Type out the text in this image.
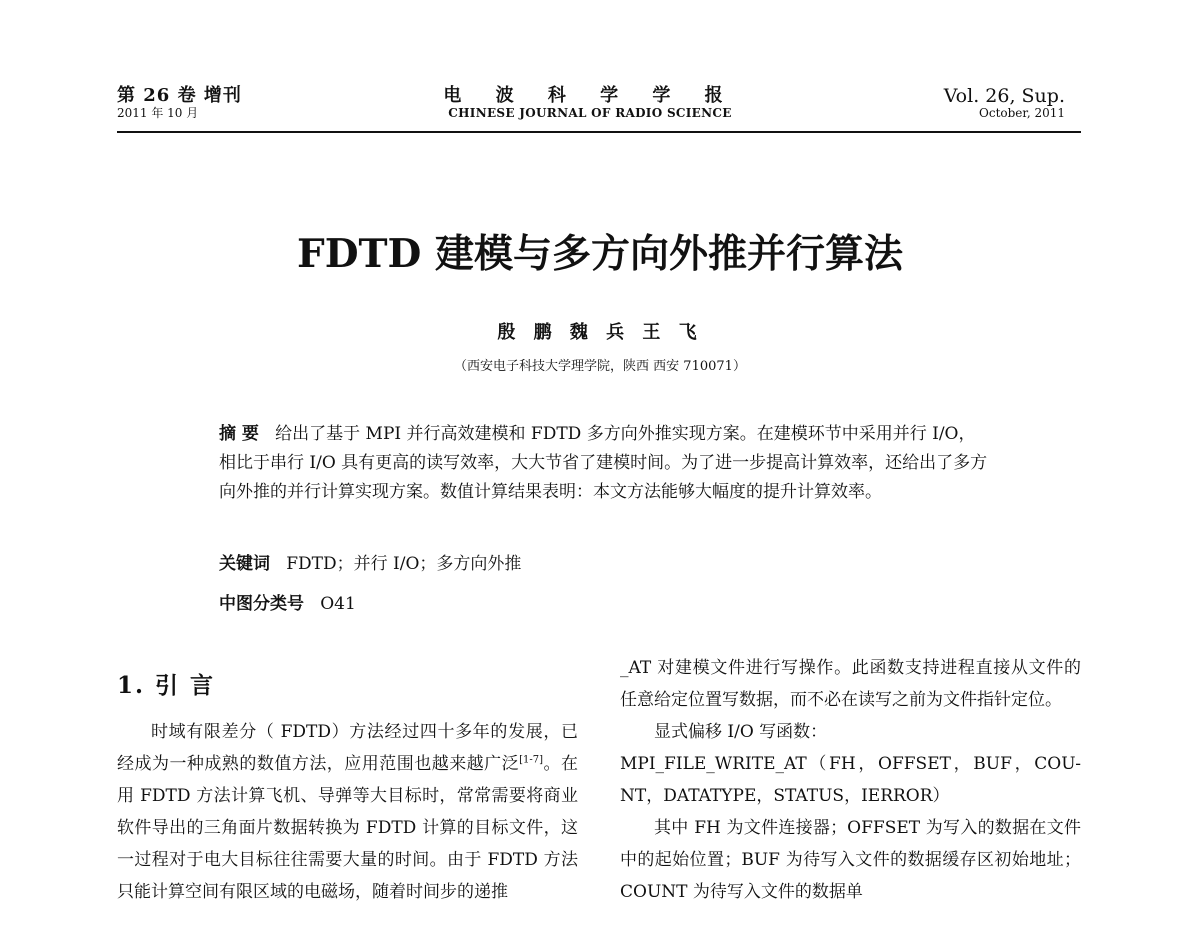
第 26 卷 增刊
2011 年 10 月
电 波 科 学 学 报
CHINESE JOURNAL OF RADIO SCIENCE
Vol. 26, Sup.
October, 2011
FDTD 建模与多方向外推并行算法
殷 鹏 魏 兵 王 飞
（西安电子科技大学理学院，陕西 西安 710071）
摘 要 给出了基于 MPI 并行高效建模和 FDTD 多方向外推实现方案。在建模环节中采用并行 I/O，相比于串行 I/O 具有更高的读写效率，大大节省了建模时间。为了进一步提高计算效率，还给出了多方向外推的并行计算实现方案。数值计算结果表明：本文方法能够大幅度的提升计算效率。
关键词 FDTD；并行 I/O；多方向外推
中图分类号 O41
1. 引 言

时域有限差分（ FDTD）方法经过四十多年的发展，已经成为一种成熟的数值方法，应用范围也越来越广泛[1-7]。在用 FDTD 方法计算飞机、导弹等大目标时，常常需要将商业软件导出的三角面片数据转换为 FDTD 计算的目标文件，这一过程对于电大目标往往需要大量的时间。由于 FDTD 方法只能计算空间有限区域的电磁场，随着时间步的递推

_AT 对建模文件进行写操作。此函数支持进程直接从文件的任意给定位置写数据，而不必在读写之前为文件指针定位。

显式偏移 I/O 写函数：

MPI_FILE_WRITE_AT（FH，OFFSET，BUF，COU-NT，DATATYPE，STATUS，IERROR）

其中 FH 为文件连接器；OFFSET 为写入的数据在文件中的起始位置；BUF 为待写入文件的数据缓存区初始地址；COUNT 为待写入文件的数据单
